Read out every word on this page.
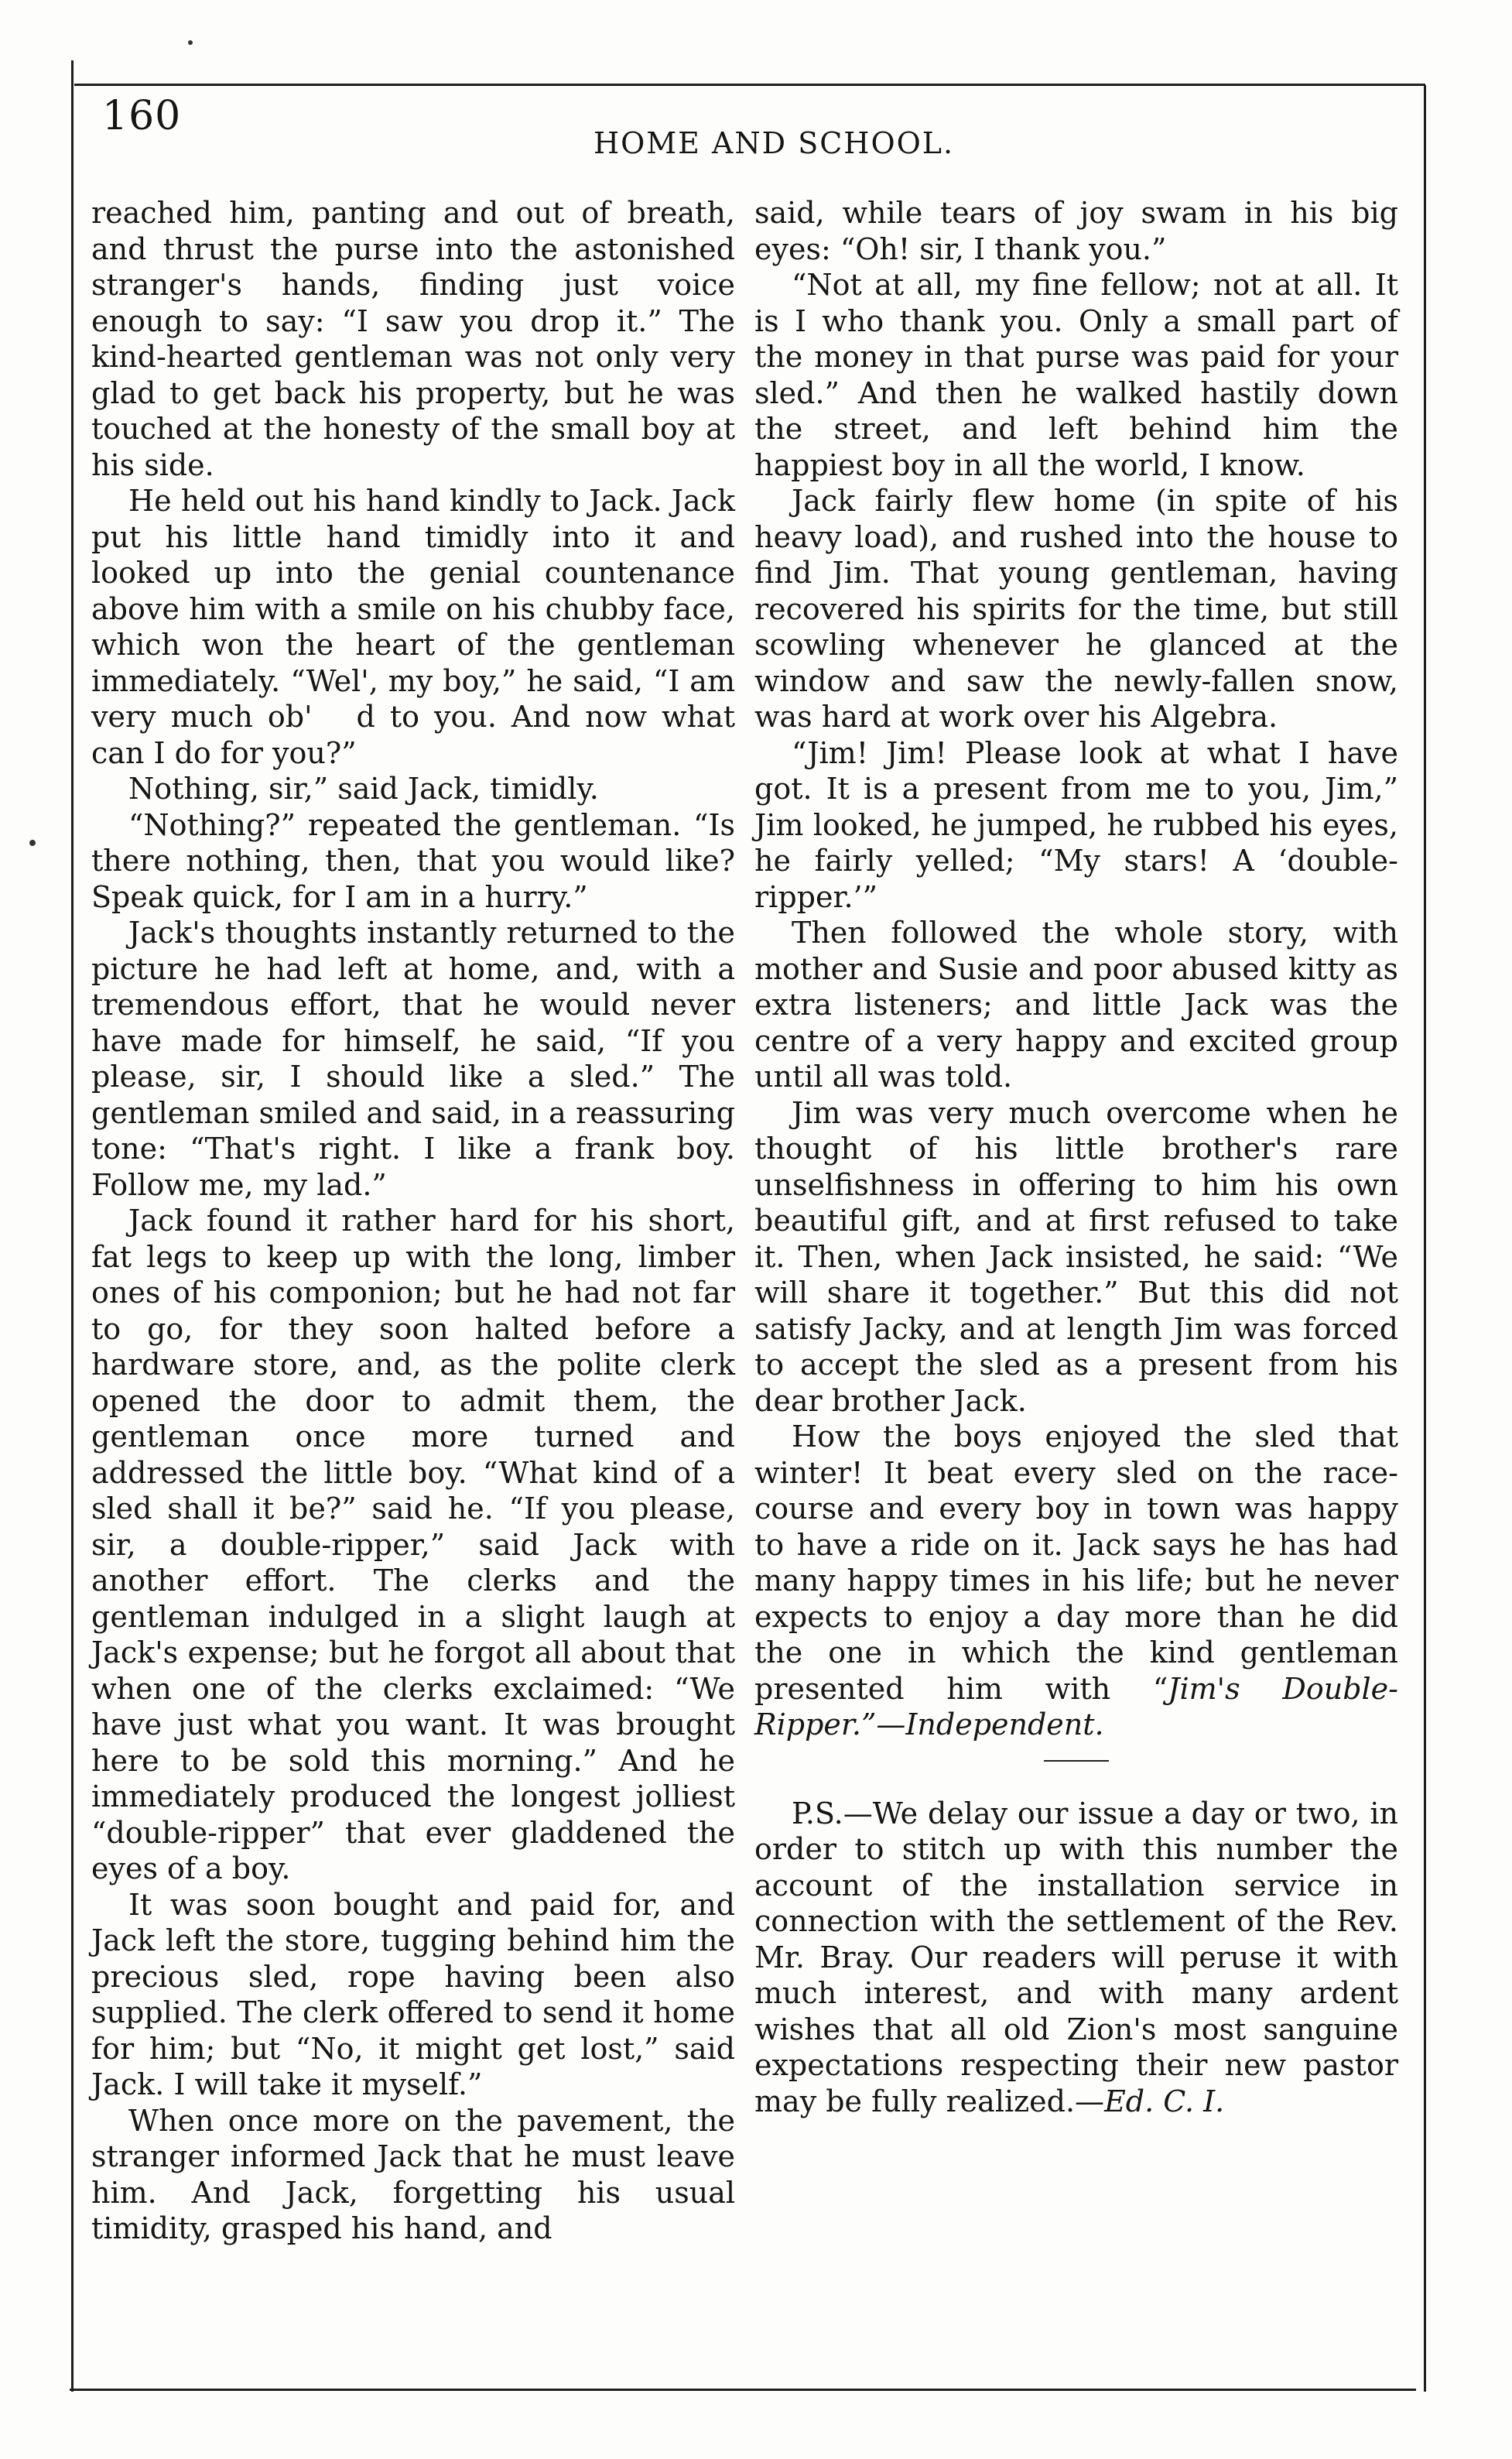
160
HOME AND SCHOOL.

reached him, panting and out of breath, and thrust the purse into the astonished stranger's hands, finding just voice enough to say: “I saw you drop it.” The kind-hearted gentleman was not only very glad to get back his property, but he was touched at the honesty of the small boy at his side.

He held out his hand kindly to Jack. Jack put his little hand timidly into it and looked up into the genial countenance above him with a smile on his chubby face, which won the heart of the gentleman immediately. “Wel', my boy,” he said, “I am very much ob'   d to you. And now what can I do for you?”

Nothing, sir,” said Jack, timidly.

“Nothing?” repeated the gentleman. “Is there nothing, then, that you would like? Speak quick, for I am in a hurry.”

Jack's thoughts instantly returned to the picture he had left at home, and, with a tremendous effort, that he would never have made for himself, he said, “If you please, sir, I should like a sled.” The gentleman smiled and said, in a reassuring tone: “That's right. I like a frank boy. Follow me, my lad.”

Jack found it rather hard for his short, fat legs to keep up with the long, limber ones of his componion; but he had not far to go, for they soon halted before a hardware store, and, as the polite clerk opened the door to admit them, the gentleman once more turned and addressed the little boy. “What kind of a sled shall it be?” said he. “If you please, sir, a double-ripper,” said Jack with another effort. The clerks and the gentleman indulged in a slight laugh at Jack's expense; but he forgot all about that when one of the clerks exclaimed: “We have just what you want. It was brought here to be sold this morning.” And he immediately produced the longest jolliest “double-ripper” that ever gladdened the eyes of a boy.

It was soon bought and paid for, and Jack left the store, tugging behind him the precious sled, rope having been also supplied. The clerk offered to send it home for him; but “No, it might get lost,” said Jack. I will take it myself.”

When once more on the pavement, the stranger informed Jack that he must leave him. And Jack, forgetting his usual timidity, grasped his hand, and

said, while tears of joy swam in his big eyes: “Oh! sir, I thank you.”

“Not at all, my fine fellow; not at all. It is I who thank you. Only a small part of the money in that purse was paid for your sled.” And then he walked hastily down the street, and left behind him the happiest boy in all the world, I know.

Jack fairly flew home (in spite of his heavy load), and rushed into the house to find Jim. That young gentleman, having recovered his spirits for the time, but still scowling whenever he glanced at the window and saw the newly-fallen snow, was hard at work over his Algebra.

“Jim! Jim! Please look at what I have got. It is a present from me to you, Jim,” Jim looked, he jumped, he rubbed his eyes, he fairly yelled; “My stars! A ‘double-ripper.’”

Then followed the whole story, with mother and Susie and poor abused kitty as extra listeners; and little Jack was the centre of a very happy and excited group until all was told.

Jim was very much overcome when he thought of his little brother's rare unselfishness in offering to him his own beautiful gift, and at first refused to take it. Then, when Jack insisted, he said: “We will share it together.” But this did not satisfy Jacky, and at length Jim was forced to accept the sled as a present from his dear brother Jack.

How the boys enjoyed the sled that winter! It beat every sled on the race-course and every boy in town was happy to have a ride on it. Jack says he has had many happy times in his life; but he never expects to enjoy a day more than he did the one in which the kind gentleman presented him with “Jim's Double-Ripper.”—Independent.

P.S.—We delay our issue a day or two, in order to stitch up with this number the account of the installation service in connection with the settlement of the Rev. Mr. Bray. Our readers will peruse it with much interest, and with many ardent wishes that all old Zion's most sanguine expectations respecting their new pastor may be fully realized.—Ed. C. I.
